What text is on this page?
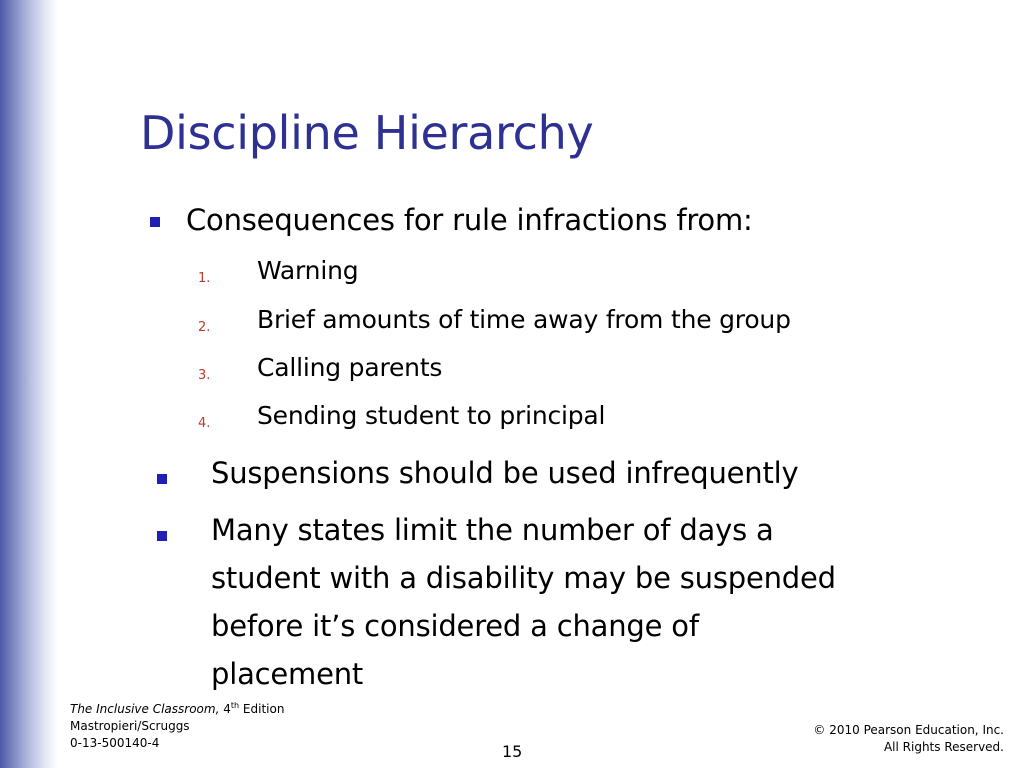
Discipline Hierarchy

Consequences for rule infractions from:

1. Warning
2. Brief amounts of time away from the group
3. Calling parents
4. Sending student to principal

Suspensions should be used infrequently

Many states limit the number of days a

student with a disability may be suspended

before it’s considered a change of

placement

The Inclusive Classroom, 4th Edition
Mastropieri/Scruggs
0-13-500140-4	15
© 2010 Pearson Education, Inc.
All Rights Reserved.
